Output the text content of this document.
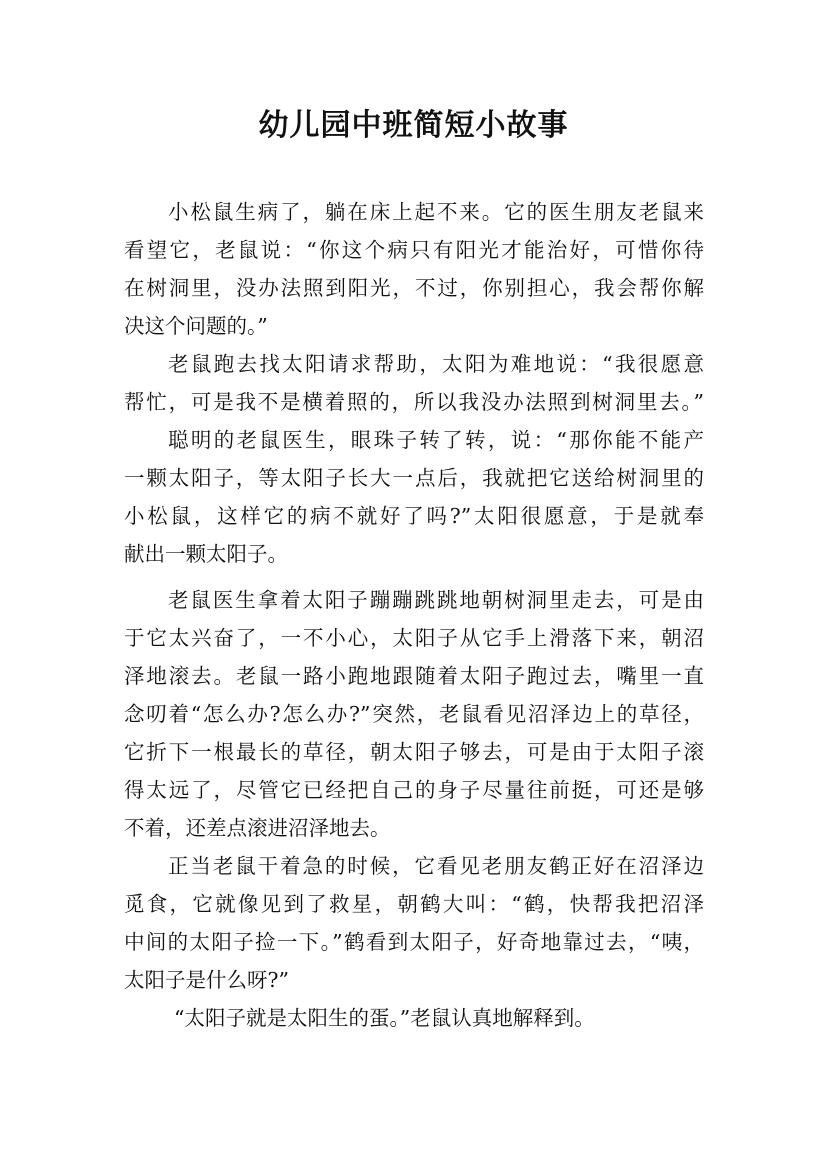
幼儿园中班简短小故事
小松鼠生病了，躺在床上起不来。它的医生朋友老鼠来
看望它，老鼠说：“你这个病只有阳光才能治好，可惜你待
在树洞里，没办法照到阳光，不过，你别担心，我会帮你解
决这个问题的。”
老鼠跑去找太阳请求帮助，太阳为难地说：“我很愿意
帮忙，可是我不是横着照的，所以我没办法照到树洞里去。”
聪明的老鼠医生，眼珠子转了转，说：“那你能不能产
一颗太阳子，等太阳子长大一点后，我就把它送给树洞里的
小松鼠，这样它的病不就好了吗?”太阳很愿意，于是就奉
献出一颗太阳子。
老鼠医生拿着太阳子蹦蹦跳跳地朝树洞里走去，可是由
于它太兴奋了，一不小心，太阳子从它手上滑落下来，朝沼
泽地滚去。老鼠一路小跑地跟随着太阳子跑过去，嘴里一直
念叨着“怎么办?怎么办?”突然，老鼠看见沼泽边上的草径，
它折下一根最长的草径，朝太阳子够去，可是由于太阳子滚
得太远了，尽管它已经把自己的身子尽量往前挺，可还是够
不着，还差点滚进沼泽地去。
正当老鼠干着急的时候，它看见老朋友鹤正好在沼泽边
觅食，它就像见到了救星，朝鹤大叫：“鹤，快帮我把沼泽
中间的太阳子捡一下。”鹤看到太阳子，好奇地靠过去，“咦，
太阳子是什么呀?”
“太阳子就是太阳生的蛋。”老鼠认真地解释到。
